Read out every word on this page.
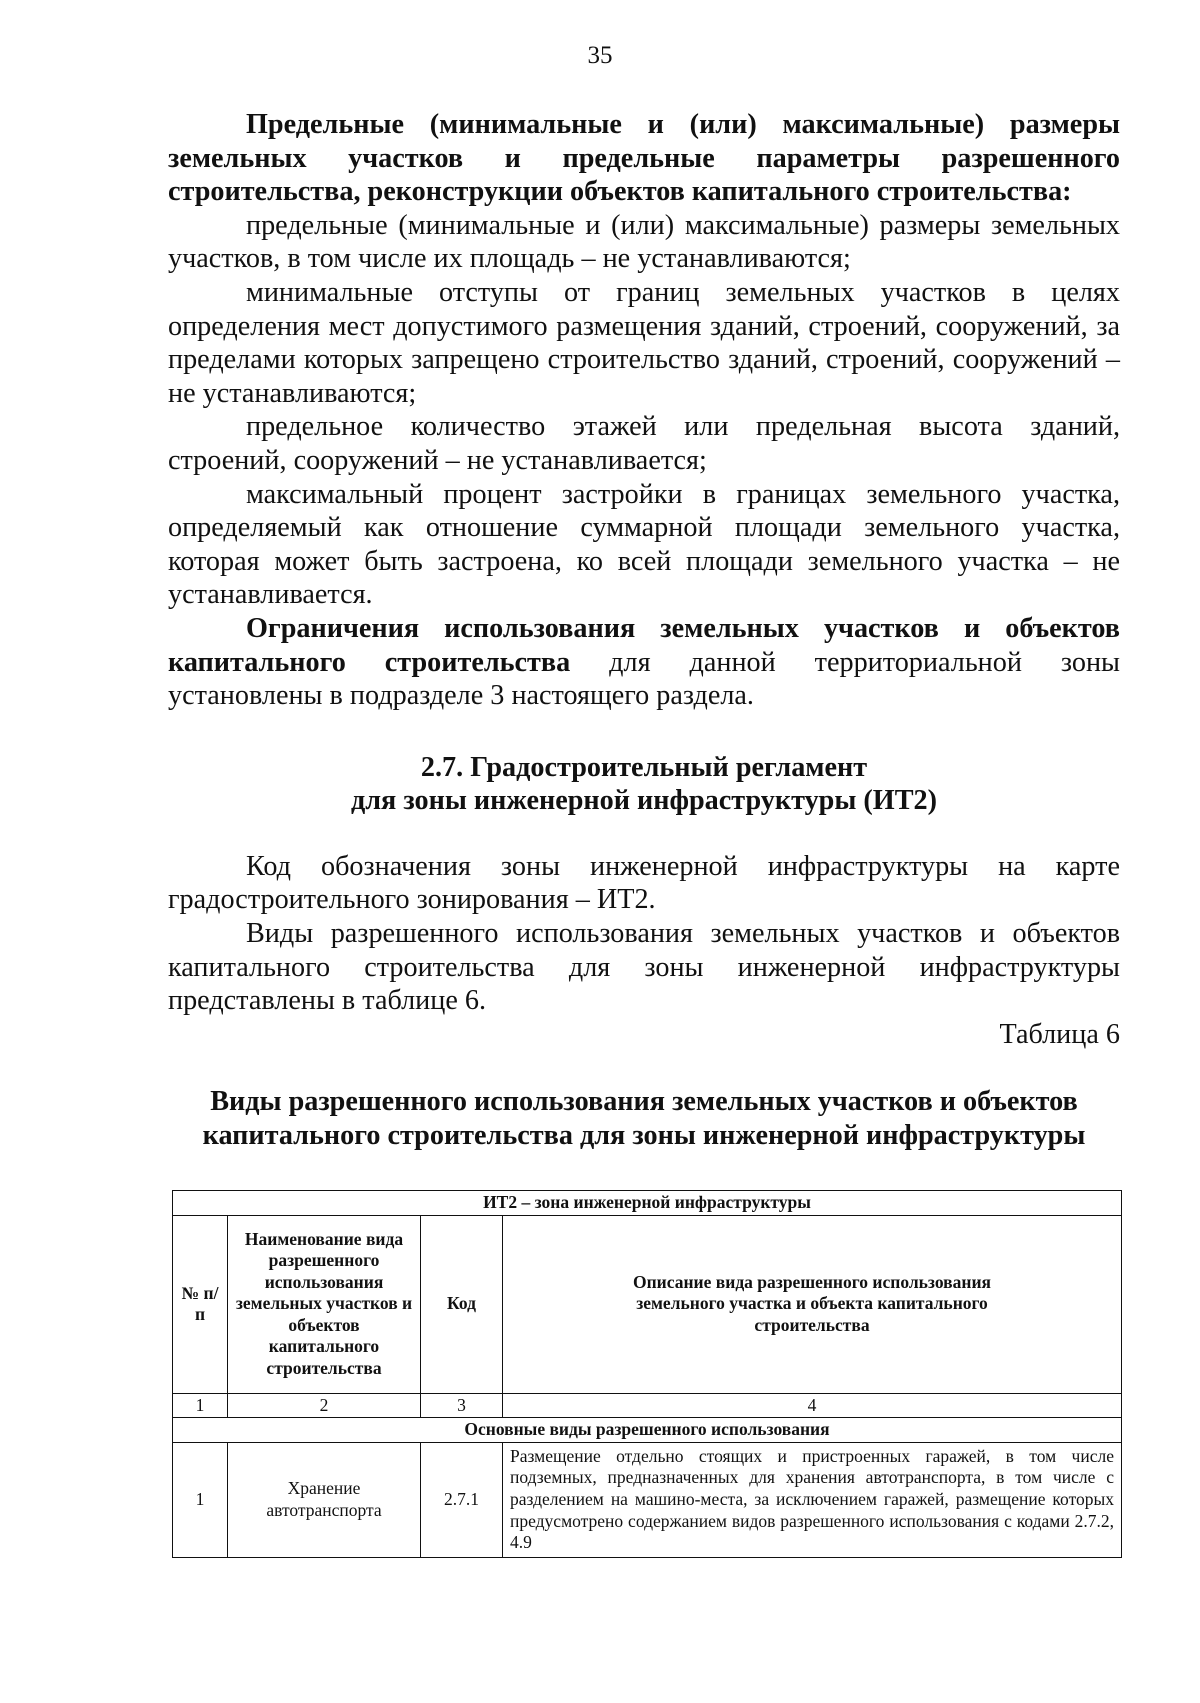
35

Предельные (минимальные и (или) максимальные) размеры земельных участков и предельные параметры разрешенного строительства, реконструкции объектов капитального строительства:

предельные (минимальные и (или) максимальные) размеры земельных участков, в том числе их площадь – не устанавливаются;

минимальные отступы от границ земельных участков в целях определения мест допустимого размещения зданий, строений, сооружений, за пределами которых запрещено строительство зданий, строений, сооружений – не устанавливаются;

предельное количество этажей или предельная высота зданий, строений, сооружений – не устанавливается;

максимальный процент застройки в границах земельного участка, определяемый как отношение суммарной площади земельного участка, которая может быть застроена, ко всей площади земельного участка – не устанавливается.

Ограничения использования земельных участков и объектов капитального строительства для данной территориальной зоны установлены в подразделе 3 настоящего раздела.

2.7. Градостроительный регламент

для зоны инженерной инфраструктуры (ИТ2)

Код обозначения зоны инженерной инфраструктуры на карте градостроительного зонирования – ИТ2.

Виды разрешенного использования земельных участков и объектов капитального строительства для зоны инженерной инфраструктуры представлены в таблице 6.

Таблица 6

Виды разрешенного использования земельных участков и объектов

капитального строительства для зоны инженерной инфраструктуры

ИТ2 – зона инженерной инфраструктуры			
№ п/п	Наименование вида разрешенного использования земельных участков и объектов капитального строительства	Код	Описание вида разрешенного использования земельного участка и объекта капитального строительства
1	2	3	4
Основные виды разрешенного использования			
1	Хранение автотранспорта	2.7.1	Размещение отдельно стоящих и пристроенных гаражей, в том числе подземных, предназначенных для хранения автотранспорта, в том числе с разделением на машино-места, за исключением гаражей, размещение которых предусмотрено содержанием видов разрешенного использования с кодами 2.7.2, 4.9
